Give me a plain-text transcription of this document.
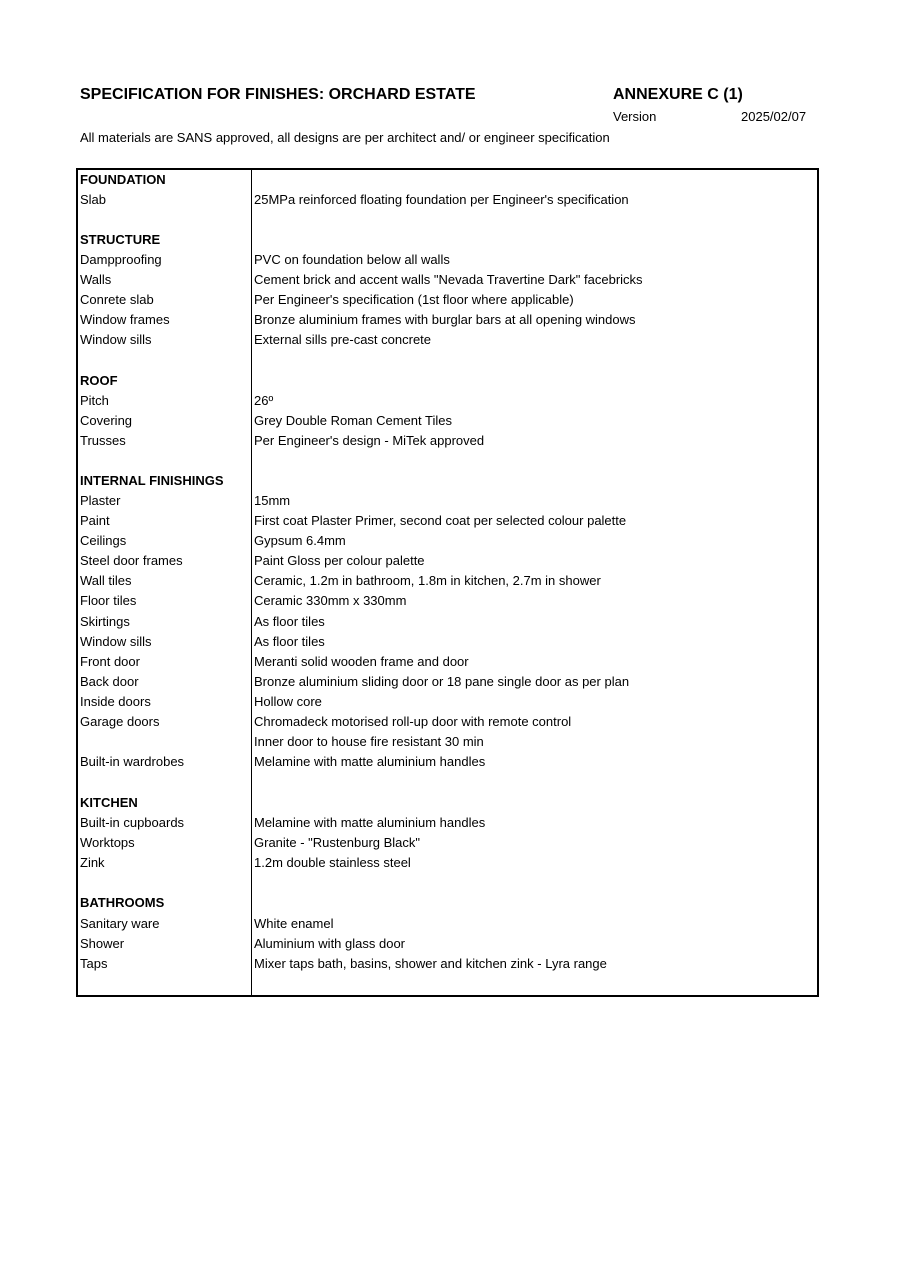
SPECIFICATION FOR FINISHES: ORCHARD ESTATE	ANNEXURE C (1)
Version	2025/02/07
All materials are SANS approved, all designs are per architect and/ or engineer specification
FOUNDATION
Slab	25MPa reinforced floating foundation per Engineer's specification
STRUCTURE
Dampproofing	PVC on foundation below all walls
Walls	Cement brick and accent walls "Nevada Travertine Dark" facebricks
Conrete slab	Per Engineer's specification (1st floor where applicable)
Window frames	Bronze aluminium frames with burglar bars at all opening windows
Window sills	External sills pre-cast concrete
ROOF
Pitch	26º
Covering	Grey Double Roman Cement Tiles
Trusses	Per Engineer's design - MiTek approved
INTERNAL FINISHINGS
Plaster	15mm
Paint	First coat Plaster Primer, second coat per selected colour palette
Ceilings	Gypsum 6.4mm
Steel door frames	Paint Gloss per colour palette
Wall tiles	Ceramic, 1.2m in bathroom, 1.8m in kitchen, 2.7m in shower
Floor tiles	Ceramic 330mm x 330mm
Skirtings	As floor tiles
Window sills	As floor tiles
Front door	Meranti solid wooden frame and door
Back door	Bronze aluminium sliding door or 18 pane single door as per plan
Inside doors	Hollow core
Garage doors	Chromadeck motorised roll-up door with remote control
Inner door to house fire resistant 30 min
Built-in wardrobes	Melamine with matte aluminium handles
KITCHEN
Built-in cupboards	Melamine with matte aluminium handles
Worktops	Granite - "Rustenburg Black"
Zink	1.2m double stainless steel
BATHROOMS
Sanitary ware	White enamel
Shower	Aluminium with glass door
Taps	Mixer taps bath, basins, shower and kitchen zink - Lyra range
